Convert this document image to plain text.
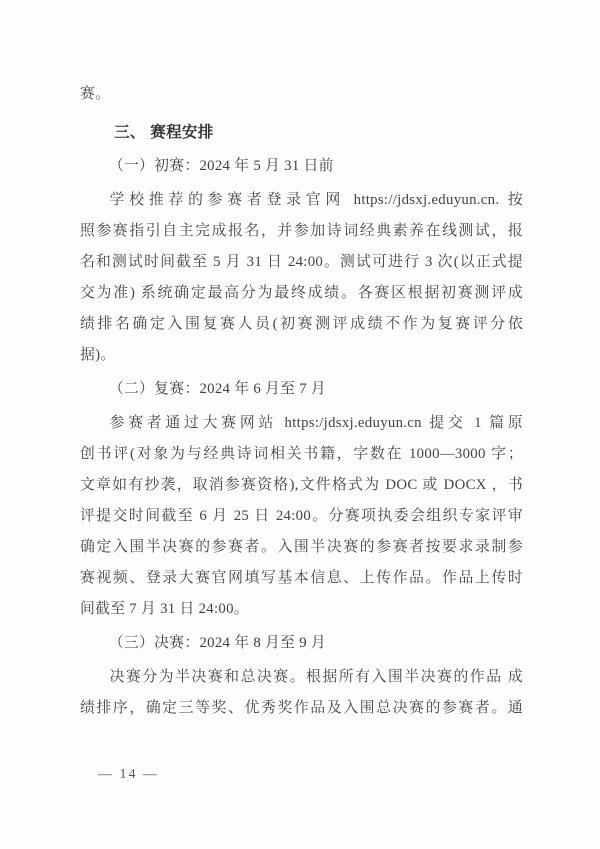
赛。
三、 赛程安排
（一）初赛：2024 年 5 月 31 日前
学校推荐的参赛者登录官网 https://jdsxj.eduyun.cn. 按
照参赛指引自主完成报名，并参加诗词经典素养在线测试，报
名和测试时间截至 5 月 31 日 24:00。测试可进行 3 次(以正式提
交为准) 系统确定最高分为最终成绩。各赛区根据初赛测评成
绩排名确定入围复赛人员(初赛测评成绩不作为复赛评分依
据)。
（二）复赛：2024 年 6 月至 7 月
参赛者通过大赛网站 https:/jdsxj.eduyun.cn 提交 1 篇原
创书评(对象为与经典诗词相关书籍，字数在 1000—3000 字；
文章如有抄袭，取消参赛资格),文件格式为 DOC 或 DOCX ，书
评提交时间截至 6 月 25 日 24:00。分赛项执委会组织专家评审
确定入围半决赛的参赛者。入围半决赛的参赛者按要求录制参
赛视频、登录大赛官网填写基本信息、上传作品。作品上传时
间截至 7 月 31 日 24:00。
（三）决赛：2024 年 8 月至 9 月
决赛分为半决赛和总决赛。根据所有入围半决赛的作品 成
绩排序，确定三等奖、优秀奖作品及入围总决赛的参赛者。通
— 14 —
